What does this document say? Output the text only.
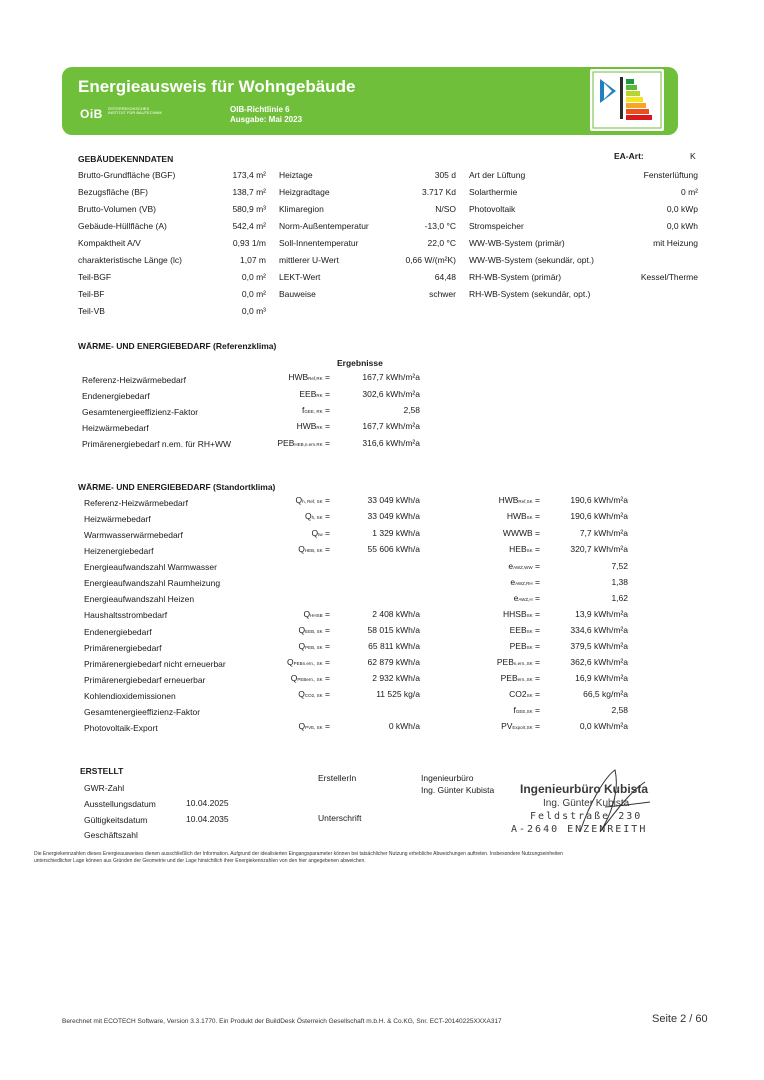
Energieausweis für Wohngebäude
OiB ÖSTERREICHISCHES
INSTITUT FÜR BAUTECHNIK	OIB-Richtlinie 6
Ausgabe: Mai 2023
GEBÄUDEKENNDATEN	EA-Art:	K
Brutto-Grundfläche (BGF)	173,4 m²
Bezugsfläche (BF)	138,7 m²
Brutto-Volumen (VB)	580,9 m³
Gebäude-Hüllfläche (A)	542,4 m²
Kompaktheit A/V	0,93 1/m
charakteristische Länge (lc)	1,07 m
Teil-BGF	0,0 m²
Teil-BF	0,0 m²
Teil-VB	0,0 m³
Heiztage	305 d
Heizgradtage	3.717 Kd
Klimaregion	N/SO
Norm-Außentemperatur	-13,0 °C
Soll-Innentemperatur	22,0 °C
mittlerer U-Wert	0,66 W/(m²K)
LEKT-Wert	64,48
Bauweise	schwer
Art der Lüftung	Fensterlüftung
Solarthermie	0 m²
Photovoltaik	0,0 kWp
Stromspeicher	0,0 kWh
WW-WB-System (primär)	mit Heizung
WW-WB-System (sekundär, opt.)
RH-WB-System (primär)	Kessel/Therme
RH-WB-System (sekundär, opt.)
WÄRME- UND ENERGIEBEDARF (Referenzklima)
Ergebnisse
Referenz-Heizwärmebedarf	HWBRef,RK =	167,7 kWh/m²a
Endenergiebedarf	EEBRK =	302,6 kWh/m²a
Gesamtenergieeffizienz-Faktor	fGEE, RK =	2,58
Heizwärmebedarf	HWBRK =	167,7 kWh/m²a
Primärenergiebedarf n.em. für RH+WW	PEBHEB,n.ern.RK =	316,6 kWh/m²a
WÄRME- UND ENERGIEBEDARF (Standortklima)
Referenz-Heizwärmebedarf	Qh, Ref, SK =	33 049 kWh/a	HWBRef,SK =	190,6 kWh/m²a
Heizwärmebedarf	Qh, SK =	33 049 kWh/a	HWBSK =	190,6 kWh/m²a
Warmwasserwärmebedarf	Qtw =	1 329 kWh/a	WWWB =	7,7 kWh/m²a
Heizenergiebedarf	QHEB, SK =	55 606 kWh/a	HEBSK =	320,7 kWh/m²a
Energieaufwandszahl Warmwasser	eAWZ,WW =	7,52
Energieaufwandszahl Raumheizung	eAWZ,RH =	1,38
Energieaufwandszahl Heizen	eAWZ,H =	1,62
Haushaltsstrombedarf	QHHSB =	2 408 kWh/a	HHSBSK =	13,9 kWh/m²a
Endenergiebedarf	QEEB, SK =	58 015 kWh/a	EEBSK =	334,6 kWh/m²a
Primärenergiebedarf	QPEB, SK =	65 811 kWh/a	PEBSK =	379,5 kWh/m²a
Primärenergiebedarf nicht erneuerbar	QPEBn.ern., SK =	62 879 kWh/a	PEBn.ern.,SK =	362,6 kWh/m²a
Primärenergiebedarf erneuerbar	QPEBern., SK =	2 932 kWh/a	PEBern.,SK =	16,9 kWh/m²a
Kohlendioxidemissionen	QCO2, SK =	11 525 kg/a	CO2SK =	66,5 kg/m²a
Gesamtenergieeffizienz-Faktor	fGEE,SK =	2,58
Photovoltaik-Export	QPVE, SK =	0 kWh/a	PVExport,SK =	0,0 kWh/m²a
ERSTELLT
GWR-Zahl
Ausstellungsdatum	10.04.2025
Gültigkeitsdatum	10.04.2035
Geschäftszahl
ErstellerIn	Ingenieurbüro
Ing. Günter Kubista
Unterschrift
Ingenieurbüro Kubista
Ing. Günter Kubista
Feldstraße 230
A-2640 ENZENREITH
Die Energiekennzahlen dieses Energieausweises dienen ausschließlich der Information. Aufgrund der idealisierten Eingangsparameter können bei tatsächlicher Nutzung erhebliche Abweichungen auftreten. Insbesondere Nutzungseinheiten
unterschiedlicher Lage können aus Gründen der Geometrie und der Lage hinsichtlich ihrer Energiekennzahlen von den hier angegebenen abweichen.
Berechnet mit ECOTECH Software, Version 3.3.1770. Ein Produkt der BuildDesk Österreich Gesellschaft m.b.H. & Co.KG, Snr. ECT-20140225XXXA317	Seite 2 / 60
